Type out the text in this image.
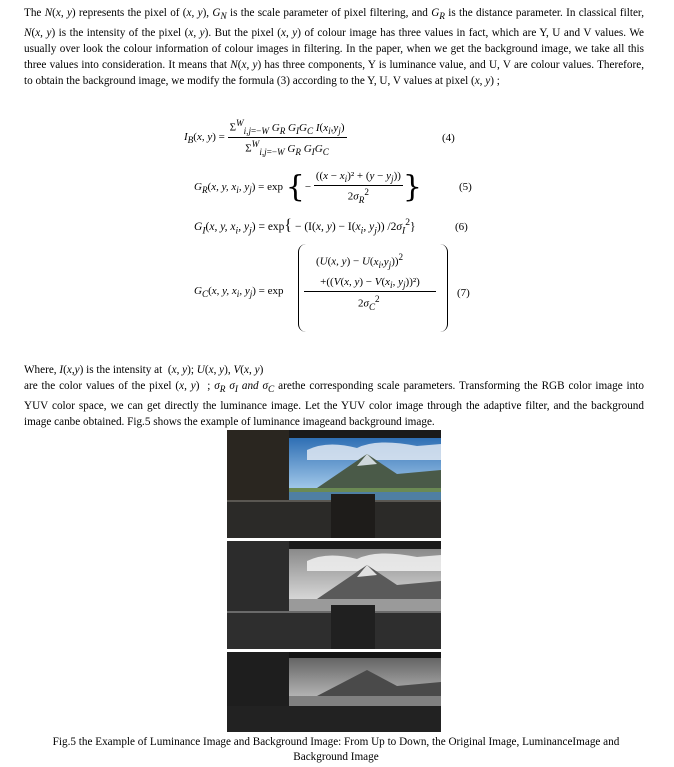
The N(x, y) represents the pixel of (x, y), $G_N$ is the scale parameter of pixel filtering, and $G_R$ is the distance parameter. In classical filter, N(x, y) is the intensity of the pixel (x, y). But the pixel (x, y) of colour image has three values in fact, which are Y, U and V values. We usually over look the colour information of colour images in filtering. In the paper, when we get the background image, we take all this three values into consideration. It means that N(x, y) has three components, Y is luminance value, and U, V are colour values. Therefore, to obtain the background image, we modify the formula (3) according to the Y, U, V values at pixel (x, y) ;
$I_B(x$, $y) = \frac{\Sigma^W_{i,j=-W} G_R G_IG_C I(x_i,y_j)}{\Sigma^W_{i,j=-W} G_R G_IG_C}$	(4)
$G_R(x$, y, $x_i$, $y_j) = \exp$ {− $\frac{((x - x_i)^2 + (y - y_j))}{2\sigma_R^2}$ }	(5)
$G_I(x$, y, $x_i$, $y_j) = \exp\{ - (I(x$, $y) - I(x_i$, $y_j$)) $/2\sigma_I^2$}	(6)
$G_C(x$, y, $x_i$, $y_j) = \exp$
(U(x, $y) - U(x_i,y_j))^2$
+((V(x, $y) - V(x_i$, $y_j))^2$)
$2\sigma_C^2$	(7)
Where, I(x,y) is the intensity at  (x, y); U(x, y), V(x, y)
are the color values of the pixel (x, y)  ; $\sigma_R$ $\sigma_I$ and $\sigma_C$ arethe corresponding scale parameters. Transforming the RGB color image into YUV color space, we can get directly the luminance image. Let the YUV color image through the adaptive filter, and the background image canbe obtained. Fig.5 shows the example of luminance imageand background image.
Fig.5 the Example of Luminance Image and Background Image: From Up to Down, the Original Image, LuminanceImage and Background Image
